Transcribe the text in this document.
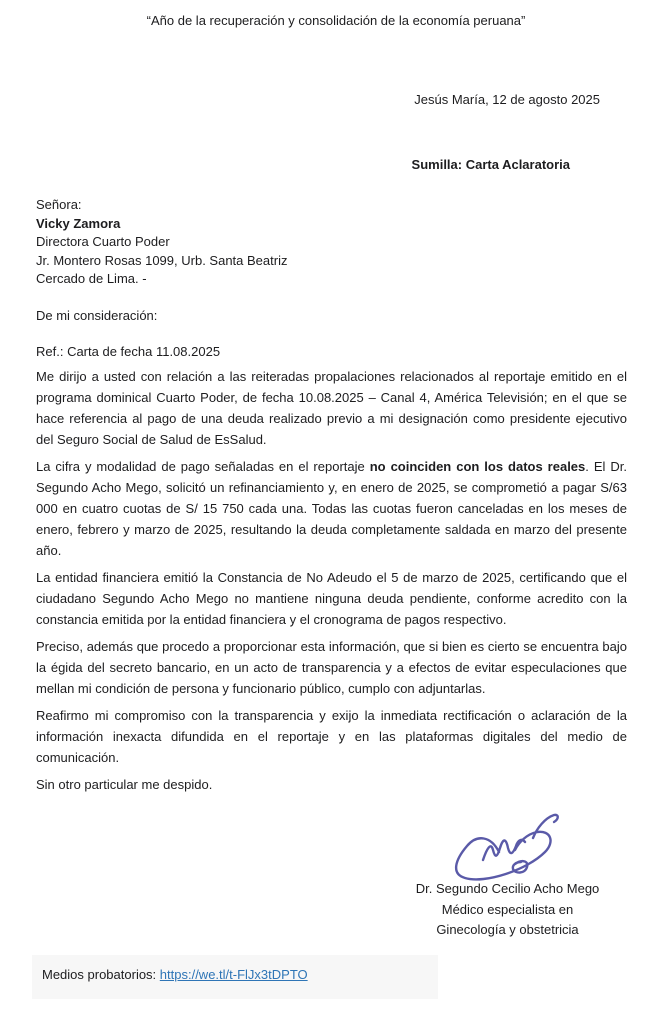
“Año de la recuperación y consolidación de la economía peruana”
Jesús María, 12 de agosto 2025
Sumilla: Carta Aclaratoria
Señora:
Vicky Zamora
Directora Cuarto Poder
Jr. Montero Rosas 1099, Urb. Santa Beatriz
Cercado de Lima. -
De mi consideración:
Ref.: Carta de fecha 11.08.2025

Me dirijo a usted con relación a las reiteradas propalaciones relacionados al reportaje emitido en el programa dominical Cuarto Poder, de fecha 10.08.2025 – Canal 4, América Televisión; en el que se hace referencia al pago de una deuda realizado previo a mi designación como presidente ejecutivo del Seguro Social de Salud de EsSalud.

La cifra y modalidad de pago señaladas en el reportaje no coinciden con los datos reales. El Dr. Segundo Acho Mego, solicitó un refinanciamiento y, en enero de 2025, se comprometió a pagar S/63 000 en cuatro cuotas de S/ 15 750 cada una. Todas las cuotas fueron canceladas en los meses de enero, febrero y marzo de 2025, resultando la deuda completamente saldada en marzo del presente año.

La entidad financiera emitió la Constancia de No Adeudo el 5 de marzo de 2025, certificando que el ciudadano Segundo Acho Mego no mantiene ninguna deuda pendiente, conforme acredito con la constancia emitida por la entidad financiera y el cronograma de pagos respectivo.

Preciso, además que procedo a proporcionar esta información, que si bien es cierto se encuentra bajo la égida del secreto bancario, en un acto de transparencia y a efectos de evitar especulaciones que mellan mi condición de persona y funcionario público, cumplo con adjuntarlas.

Reafirmo mi compromiso con la transparencia y exijo la inmediata rectificación o aclaración de la información inexacta difundida en el reportaje y en las plataformas digitales del medio de comunicación.

Sin otro particular me despido.

Dr. Segundo Cecilio Acho Mego
Médico especialista en
Ginecología y obstetricia
Medios probatorios: https://we.tl/t-FlJx3tDPTO
